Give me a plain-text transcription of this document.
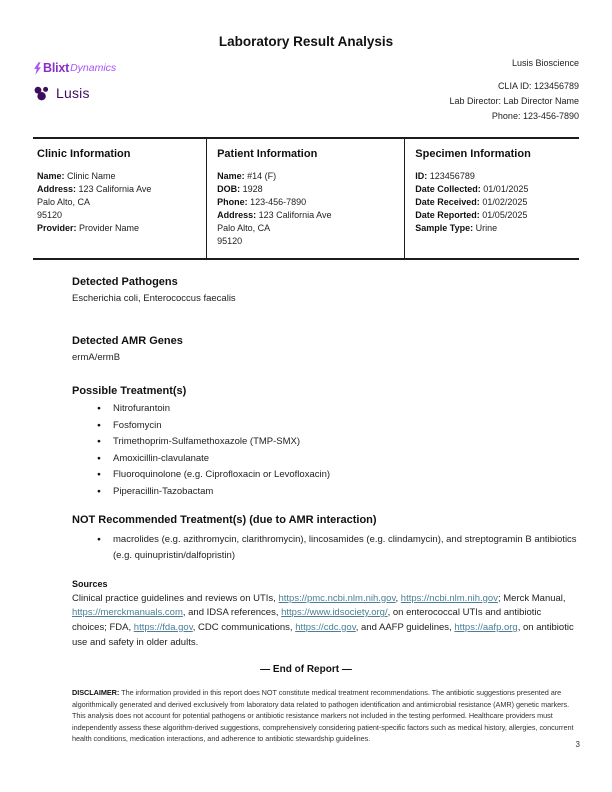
Laboratory Result Analysis
Blixt Dynamics
Lusis
Lusis Bioscience
CLIA ID: 123456789
Lab Director: Lab Director Name
Phone: 123-456-7890
Clinic Information
Name: Clinic Name
Address: 123 California Ave
Palo Alto, CA
95120
Provider: Provider Name
Patient Information
Name: #14 (F)
DOB: 1928
Phone: 123-456-7890
Address: 123 California Ave
Palo Alto, CA
95120
Specimen Information
ID: 123456789
Date Collected: 01/01/2025
Date Received: 01/02/2025
Date Reported: 01/05/2025
Sample Type: Urine
Detected Pathogens
Escherichia coli, Enterococcus faecalis
Detected AMR Genes
ermA/ermB
Possible Treatment(s)
● Nitrofurantoin
● Fosfomycin
● Trimethoprim-Sulfamethoxazole (TMP-SMX)
● Amoxicillin-clavulanate
● Fluoroquinolone (e.g. Ciprofloxacin or Levofloxacin)
● Piperacillin-Tazobactam
NOT Recommended Treatment(s) (due to AMR interaction)
● macrolides (e.g. azithromycin, clarithromycin), lincosamides (e.g. clindamycin), and streptogramin B antibiotics (e.g. quinupristin/dalfopristin)
Sources
Clinical practice guidelines and reviews on UTIs, https://pmc.ncbi.nlm.nih.gov, https://ncbi.nlm.nih.gov; Merck Manual, https://merckmanuals.com, and IDSA references, https://www.idsociety.org/, on enterococcal UTIs and antibiotic choices; FDA, https://fda.gov, CDC communications, https://cdc.gov, and AAFP guidelines, https://aafp.org, on antibiotic use and safety in older adults.
— End of Report —
DISCLAIMER: The information provided in this report does NOT constitute medical treatment recommendations. The antibiotic suggestions presented are algorithmically generated and derived exclusively from laboratory data related to pathogen identification and antimicrobial resistance (AMR) genetic markers. This analysis does not account for potential pathogens or antibiotic resistance markers not included in the testing performed. Healthcare providers must independently assess these algorithm-derived suggestions, comprehensively considering patient-specific factors such as medical history, allergies, concurrent health conditions, medication interactions, and adherence to antibiotic stewardship guidelines.
3
